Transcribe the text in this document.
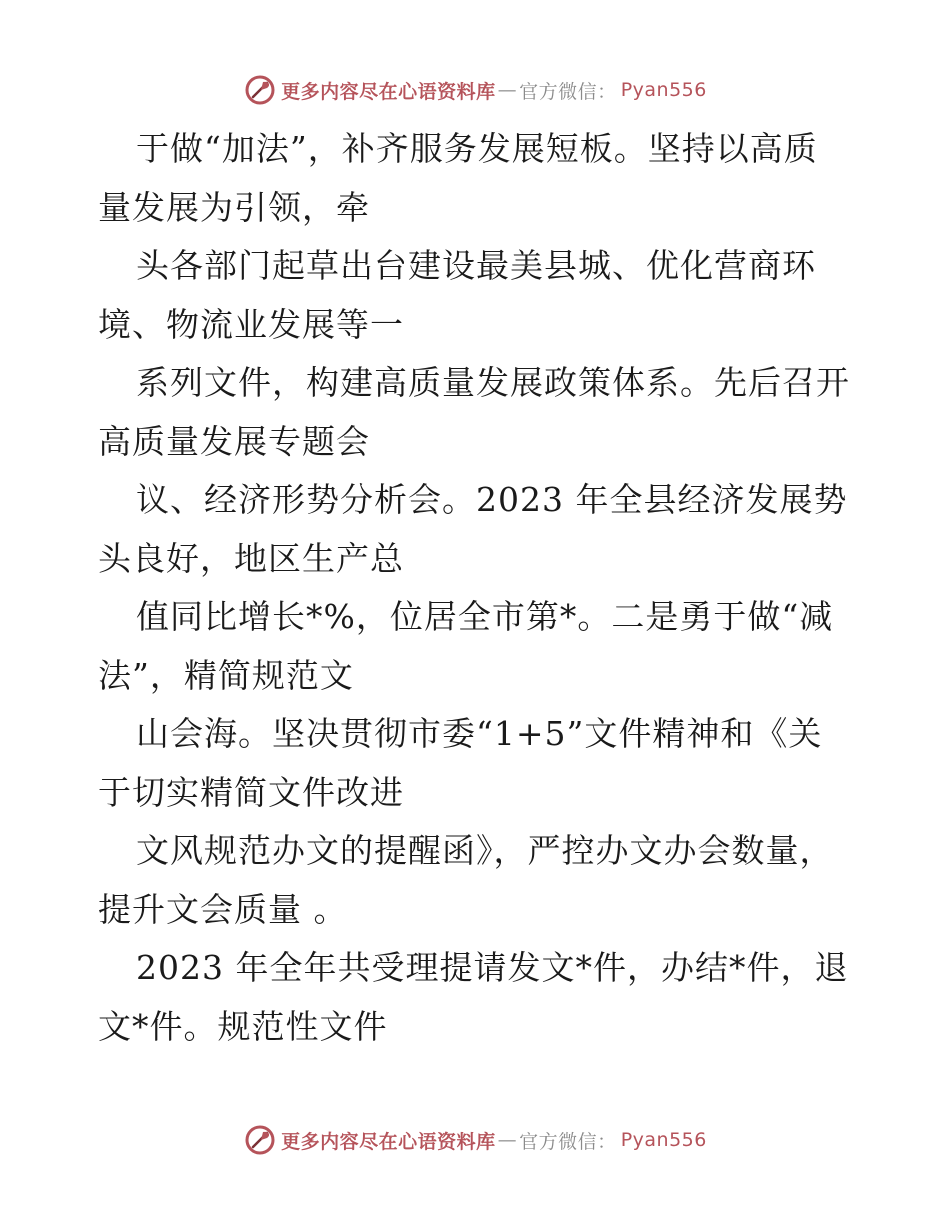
更多内容尽在心语资料库 — 官方微信： Pyan556
于做“加法”，补齐服务发展短板。坚持以高质
量发展为引领，牵
头各部门起草出台建设最美县城、优化营商环
境、物流业发展等一
系列文件，构建高质量发展政策体系。先后召开
高质量发展专题会
议、经济形势分析会。2023 年全县经济发展势
头良好，地区生产总
值同比增长*%，位居全市第*。二是勇于做“减
法”，精简规范文
山会海。坚决贯彻市委“1+5”文件精神和《关
于切实精简文件改进
文风规范办文的提醒函》，严控办文办会数量，
提升文会质量 。
2023 年全年共受理提请发文*件，办结*件，退
文*件。规范性文件
更多内容尽在心语资料库 — 官方微信： Pyan556
